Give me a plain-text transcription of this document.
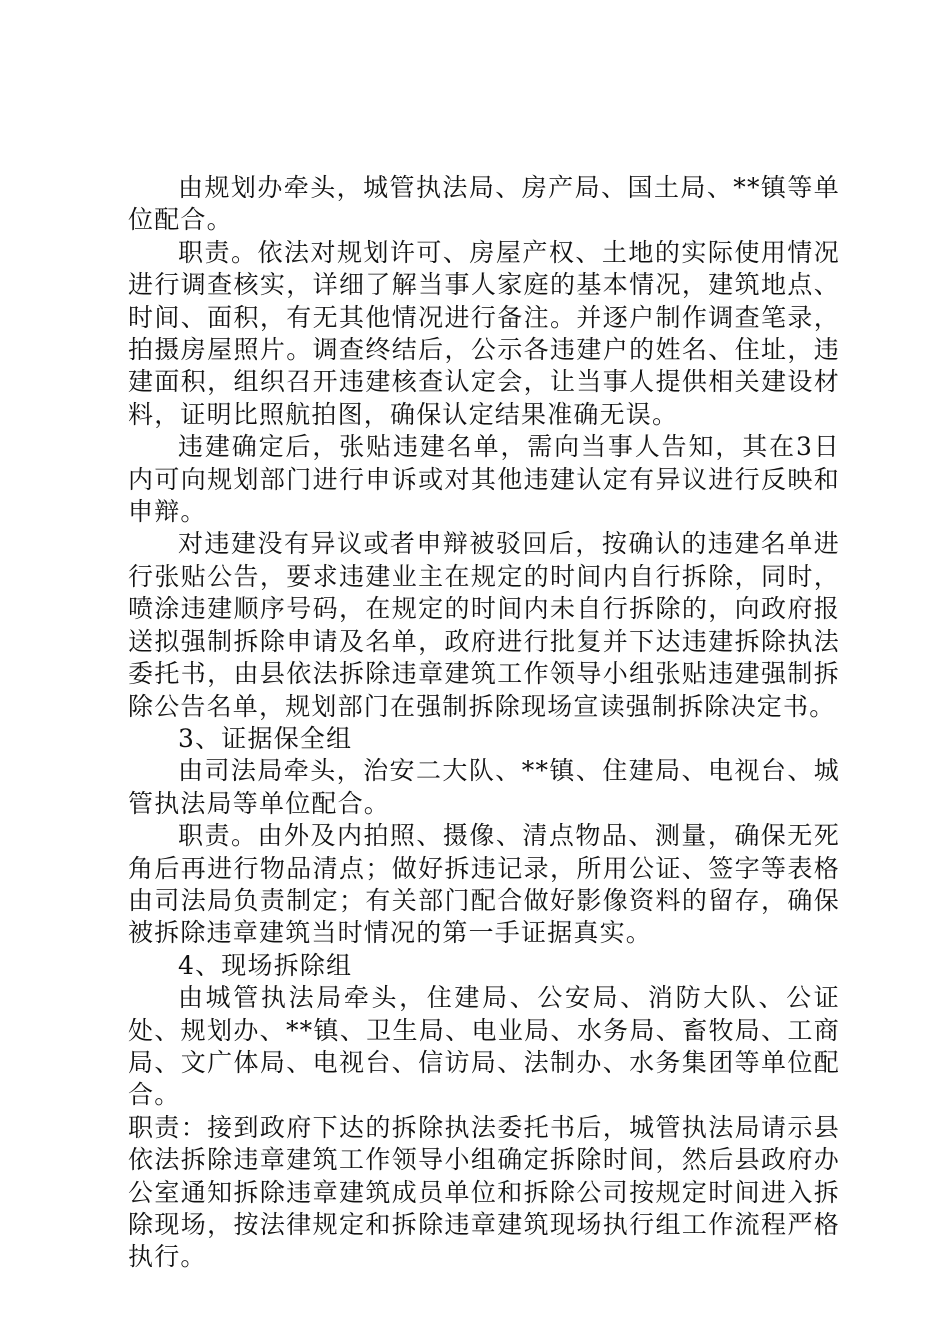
由规划办牵头，城管执法局、房产局、国土局、**镇等单位配合。

职责。依法对规划许可、房屋产权、土地的实际使用情况进行调查核实，详细了解当事人家庭的基本情况，建筑地点、时间、面积，有无其他情况进行备注。并逐户制作调查笔录，拍摄房屋照片。调查终结后，公示各违建户的姓名、住址，违建面积，组织召开违建核查认定会，让当事人提供相关建设材料，证明比照航拍图，确保认定结果准确无误。

违建确定后，张贴违建名单，需向当事人告知，其在3日内可向规划部门进行申诉或对其他违建认定有异议进行反映和申辩。

对违建没有异议或者申辩被驳回后，按确认的违建名单进行张贴公告，要求违建业主在规定的时间内自行拆除，同时，喷涂违建顺序号码，在规定的时间内未自行拆除的，向政府报送拟强制拆除申请及名单，政府进行批复并下达违建拆除执法委托书，由县依法拆除违章建筑工作领导小组张贴违建强制拆除公告名单，规划部门在强制拆除现场宣读强制拆除决定书。

3、证据保全组

由司法局牵头，治安二大队、**镇、住建局、电视台、城管执法局等单位配合。

职责。由外及内拍照、摄像、清点物品、测量，确保无死角后再进行物品清点；做好拆违记录，所用公证、签字等表格由司法局负责制定；有关部门配合做好影像资料的留存，确保被拆除违章建筑当时情况的第一手证据真实。

4、现场拆除组

由城管执法局牵头，住建局、公安局、消防大队、公证处、规划办、**镇、卫生局、电业局、水务局、畜牧局、工商局、文广体局、电视台、信访局、法制办、水务集团等单位配合。

职责：接到政府下达的拆除执法委托书后，城管执法局请示县依法拆除违章建筑工作领导小组确定拆除时间，然后县政府办公室通知拆除违章建筑成员单位和拆除公司按规定时间进入拆除现场，按法律规定和拆除违章建筑现场执行组工作流程严格执行。
